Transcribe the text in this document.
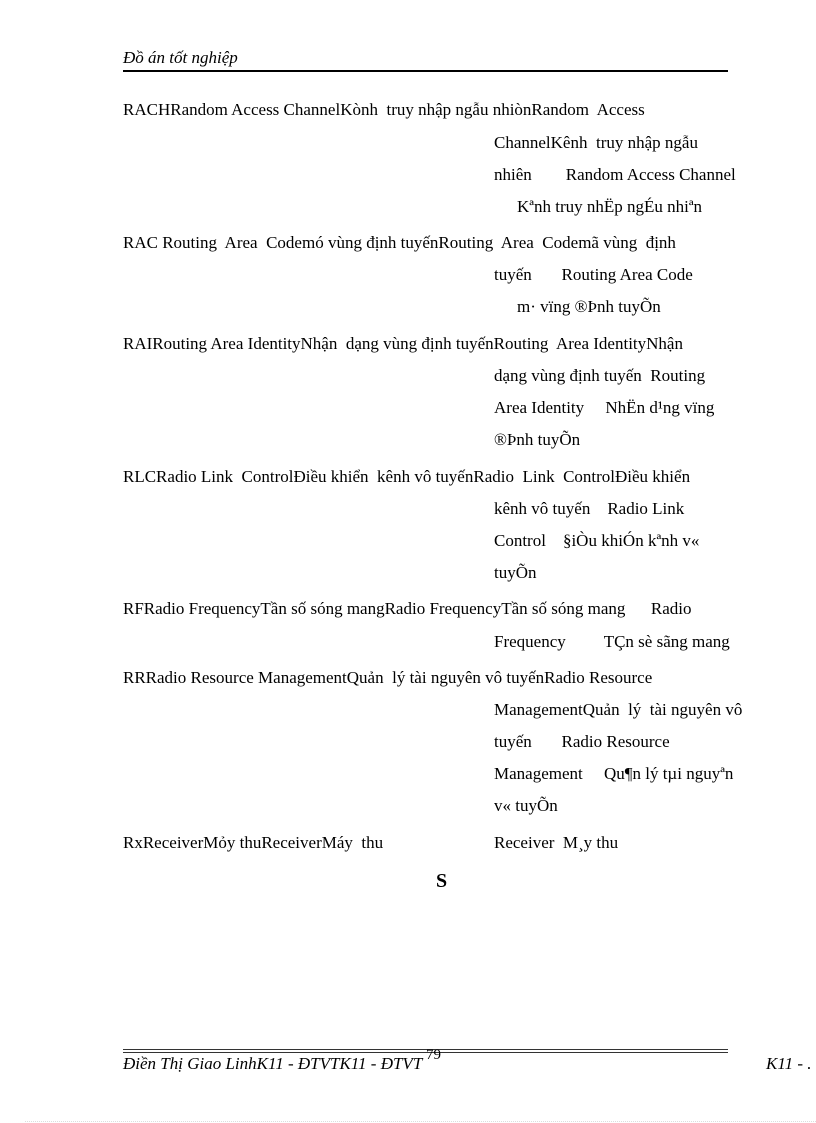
Đồ án tốt nghiệp
RACHRandom Access ChannelKònh  truy nhập ngẫu nhiònRandom  Access
ChannelKênh  truy nhập ngẫu
nhiên        Random Access Channel
Kªnh truy nhËp ngÉu nhiªn
RAC Routing  Area  Codemó vùng định tuyếnRouting  Area  Codemã vùng  định
tuyến       Routing Area Code
m· vïng ®Þnh tuyÕn
RAIRouting Area IdentityNhận  dạng vùng định tuyếnRouting  Area IdentityNhận
dạng vùng định tuyến  Routing
Area Identity     NhËn d¹ng vïng
®Þnh tuyÕn
RLCRadio Link  ControlĐiều khiển  kênh vô tuyếnRadio  Link  ControlĐiều khiển
kênh vô tuyến    Radio Link
Control    §iÒu khiÓn kªnh v«
tuyÕn
RFRadio FrequencyTần số sóng mangRadio FrequencyTần số sóng mang      Radio
Frequency         TÇn sè sãng mang
RRRadio Resource ManagementQuản  lý tài nguyên vô tuyếnRadio Resource
ManagementQuản  lý  tài nguyên vô
tuyến       Radio Resource
Management     Qu¶n lý tµi nguyªn
v« tuyÕn
RxReceiverMỏy thuReceiverMáy  thu	Receiver  M¸y thu
S
Điền Thị Giao LinhK11 - ĐTVTK11 - ĐTVT 79	K11 - .
